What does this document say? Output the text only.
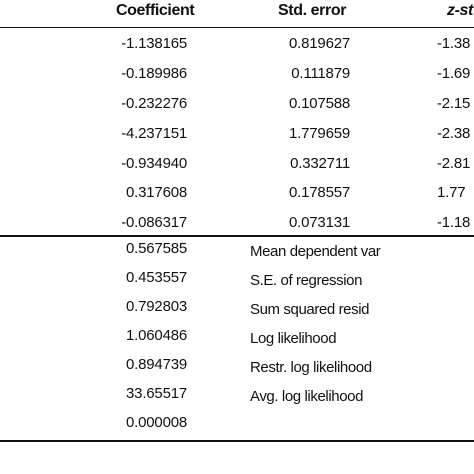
Coefficient	Std. error	z-st
-1.138165	0.819627	-1.38
-0.189986	0.111879	-1.69
-0.232276	0.107588	-2.15
-4.237151	1.779659	-2.38
-0.934940	0.332711	-2.81
0.317608	0.178557	1.77
-0.086317	0.073131	-1.18
0.567585	Mean dependent var
0.453557	S.E. of regression
0.792803	Sum squared resid
1.060486	Log likelihood
0.894739	Restr. log likelihood
33.65517	Avg. log likelihood
0.000008
